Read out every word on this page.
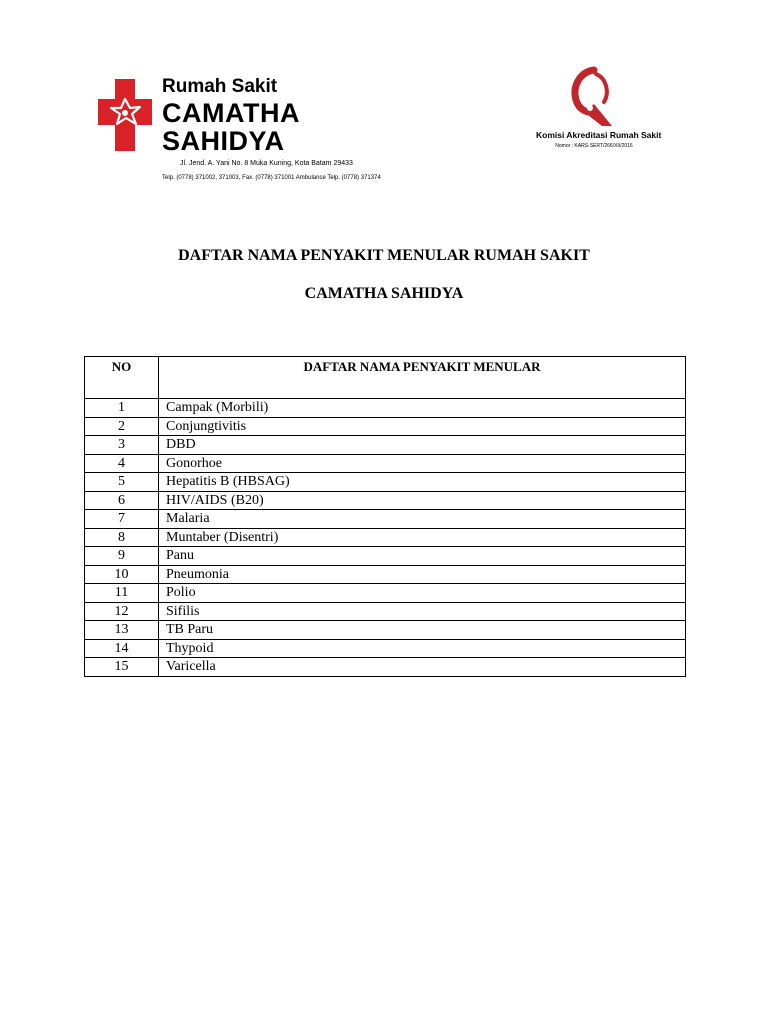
Rumah Sakit
CAMATHA SAHIDYA
Jl. Jend. A. Yani No. 8 Muka Kuning, Kota Batam 29433
Telp. (0778) 371002, 371003, Fax. (0778) 371001 Ambulance Telp. (0778) 371374
Komisi Akreditasi Rumah Sakit
Nomor : KARS-SERT/266/XII/2016
DAFTAR NAMA PENYAKIT MENULAR RUMAH SAKIT
CAMATHA SAHIDYA
NO	DAFTAR NAMA PENYAKIT MENULAR
1	Campak (Morbili)
2	Conjungtivitis
3	DBD
4	Gonorhoe
5	Hepatitis B (HBSAG)
6	HIV/AIDS (B20)
7	Malaria
8	Muntaber (Disentri)
9	Panu
10	Pneumonia
11	Polio
12	Sifilis
13	TB Paru
14	Thypoid
15	Varicella
